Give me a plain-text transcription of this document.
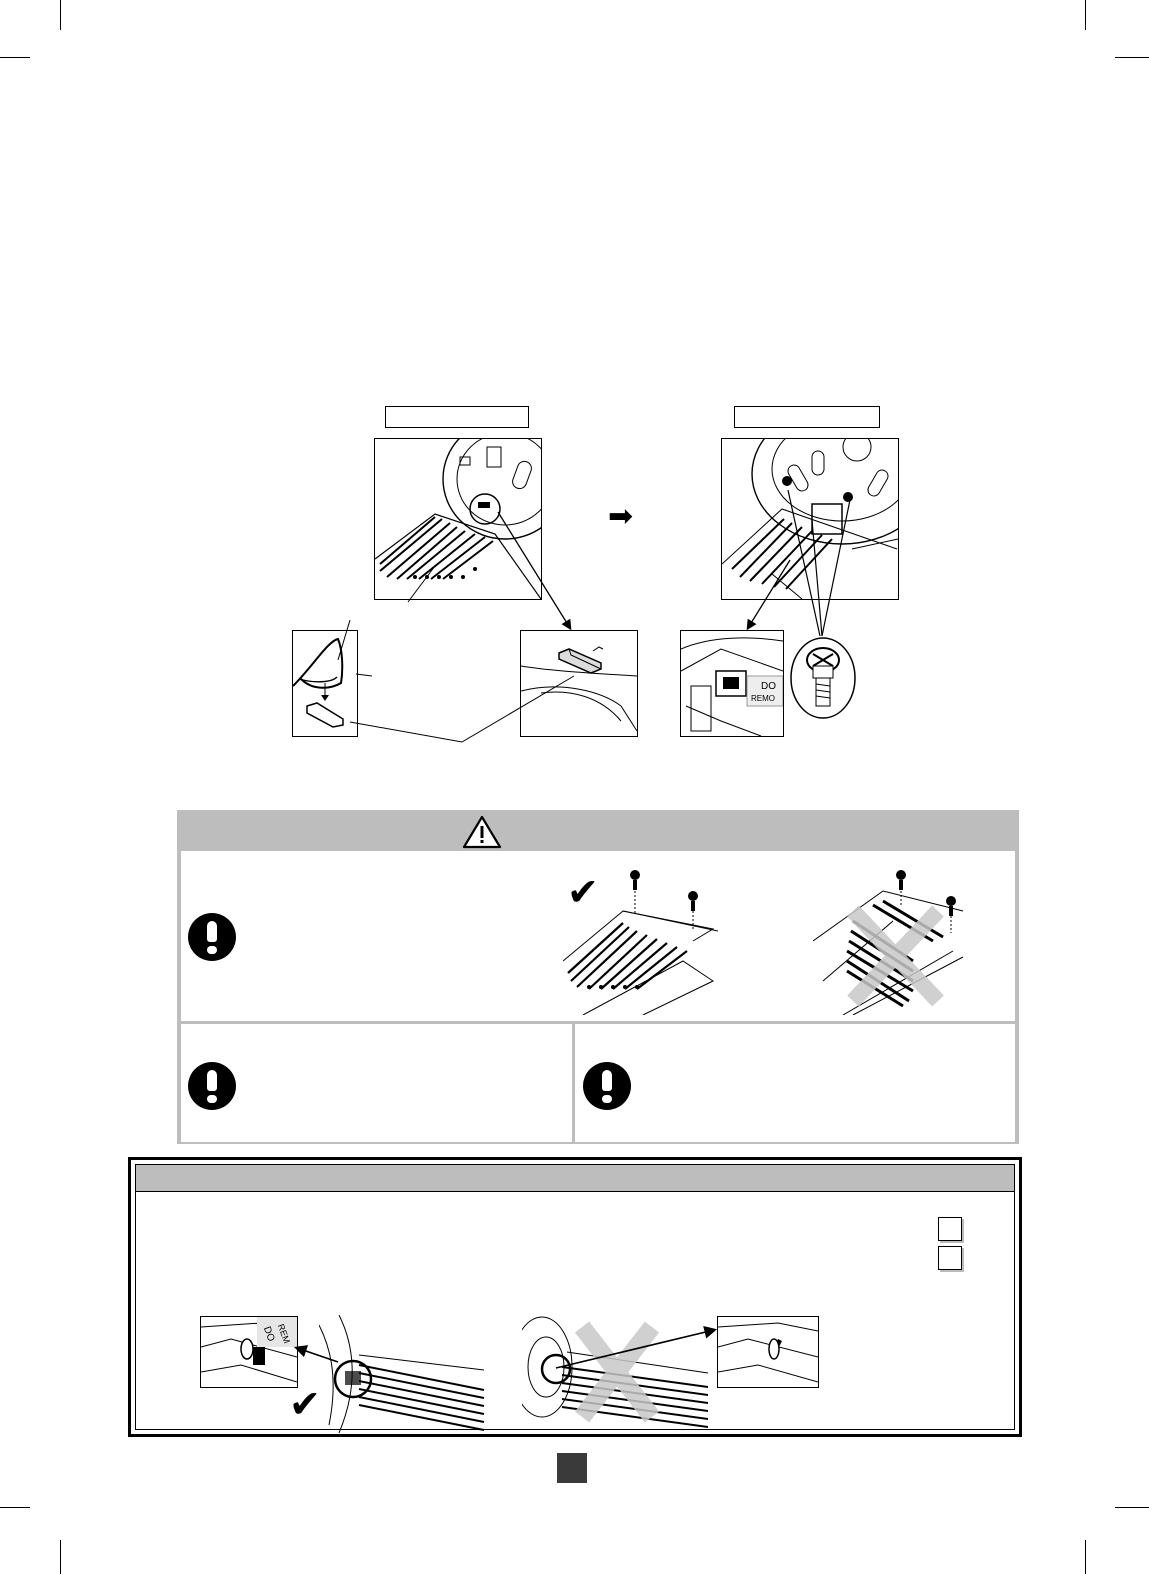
➡
DO
REMO
✔
DO REM
✔
